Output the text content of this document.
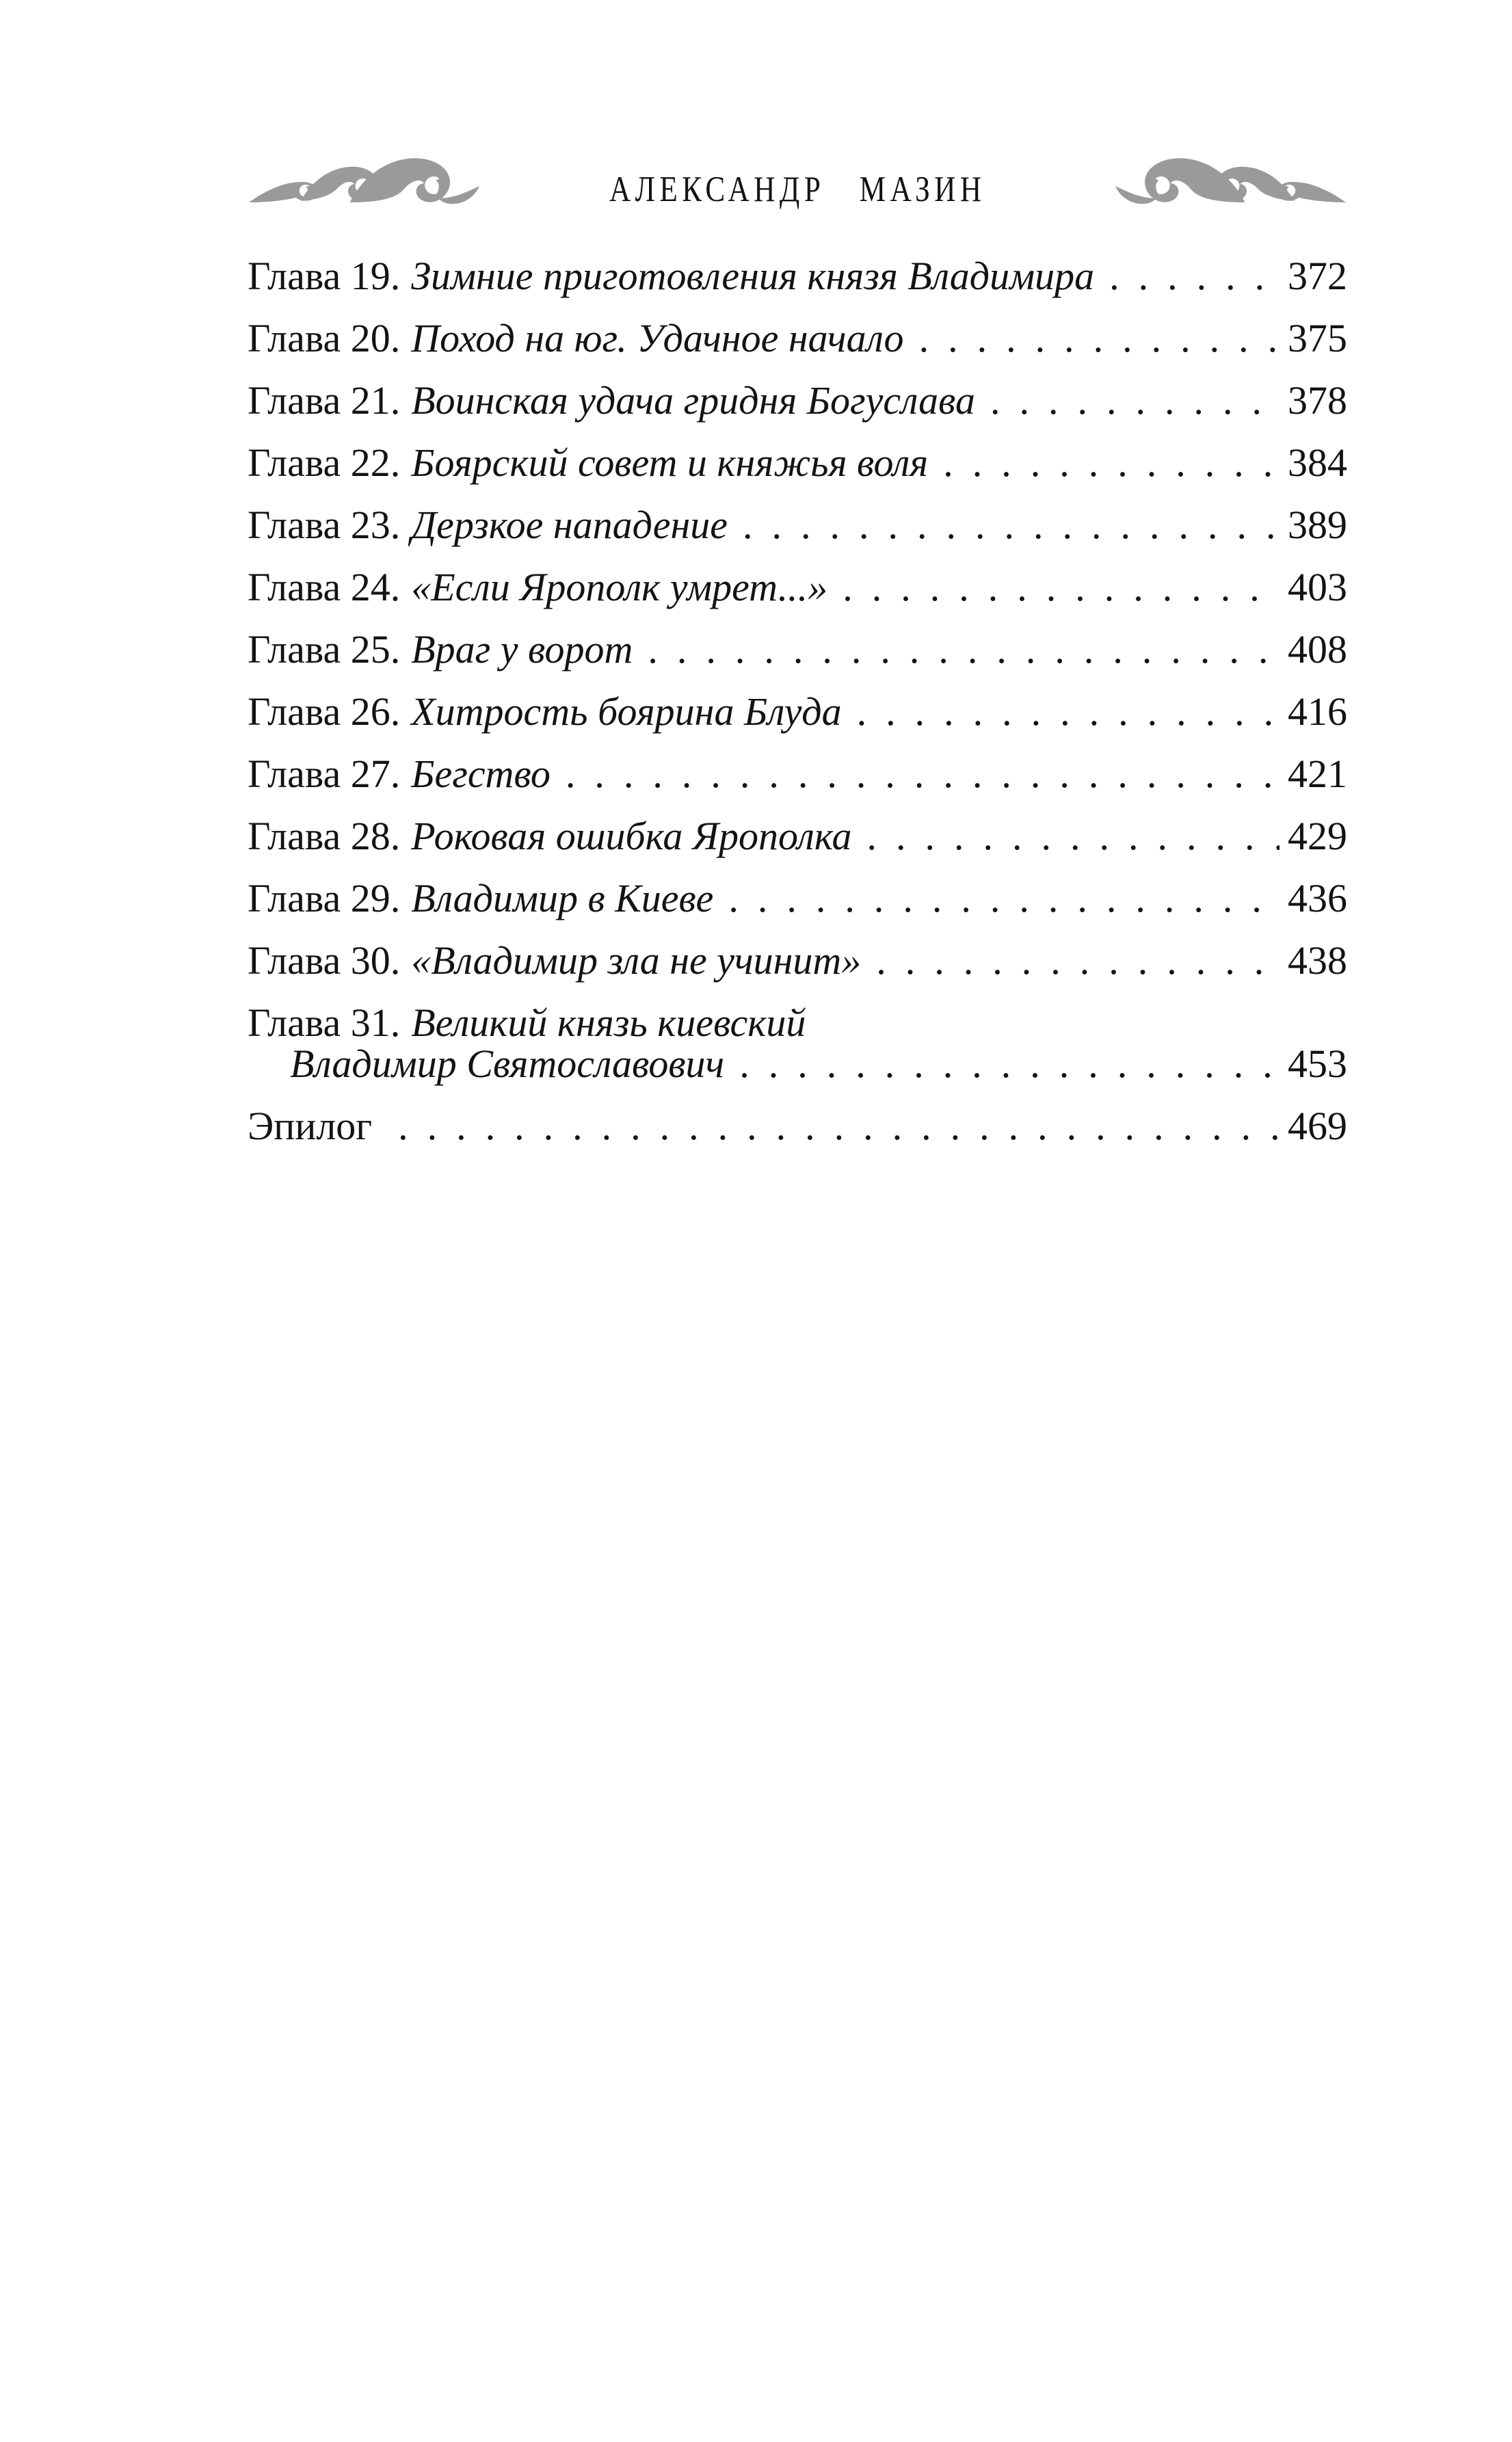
АЛЕКСАНДР МАЗИН
Глава 19. Зимние приготовления князя Владимира .....	372
Глава 20. Поход на юг. Удачное начало .....	375
Глава 21. Воинская удача гридня Богуслава .....	378
Глава 22. Боярский совет и княжья воля .....	384
Глава 23. Дерзкое нападение .....	389
Глава 24. «Если Ярополк умрет...» .....	403
Глава 25. Враг у ворот .....	408
Глава 26. Хитрость боярина Блуда .....	416
Глава 27. Бегство .....	421
Глава 28. Роковая ошибка Ярополка .....	429
Глава 29. Владимир в Киеве .....	436
Глава 30. «Владимир зла не учинит» .....	438
Глава 31. Великий князь киевский
Владимир Святославович .....	453
Эпилог .....	469
